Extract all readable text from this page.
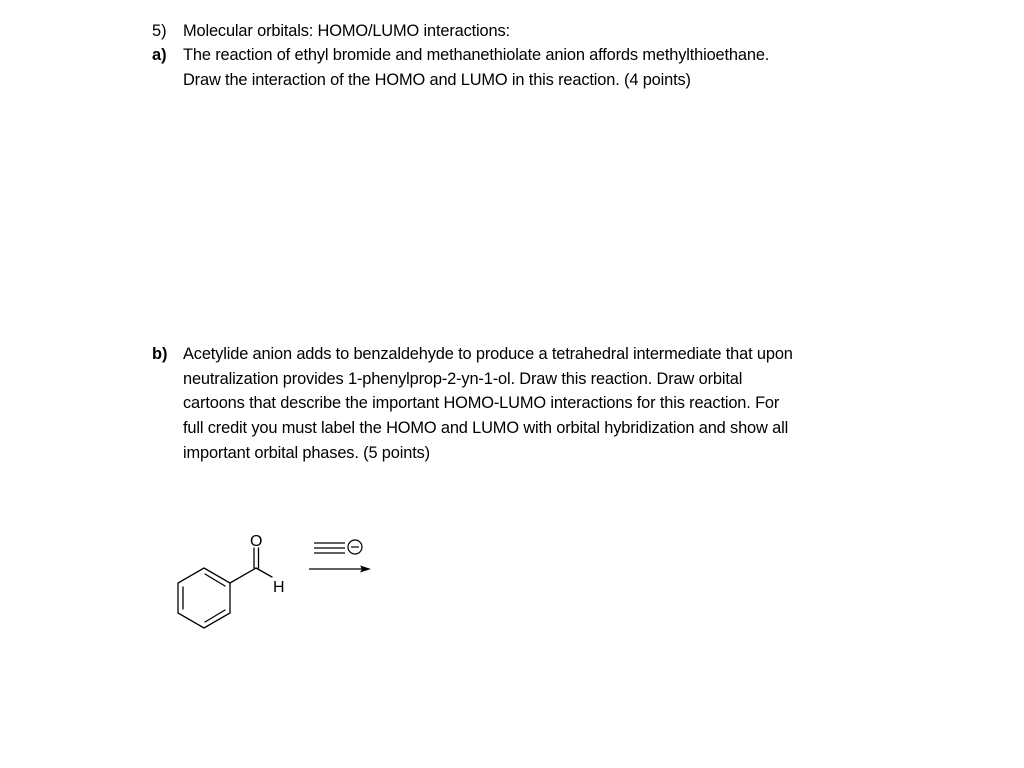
5) Molecular orbitals: HOMO/LUMO interactions:
a) The reaction of ethyl bromide and methanethiolate anion affords methylthioethane.
Draw the interaction of the HOMO and LUMO in this reaction. (4 points)
b) Acetylide anion adds to benzaldehyde to produce a tetrahedral intermediate that upon
neutralization provides 1-phenylprop-2-yn-1-ol. Draw this reaction. Draw orbital
cartoons that describe the important HOMO-LUMO interactions for this reaction. For
full credit you must label the HOMO and LUMO with orbital hybridization and show all
important orbital phases. (5 points)
O
H
